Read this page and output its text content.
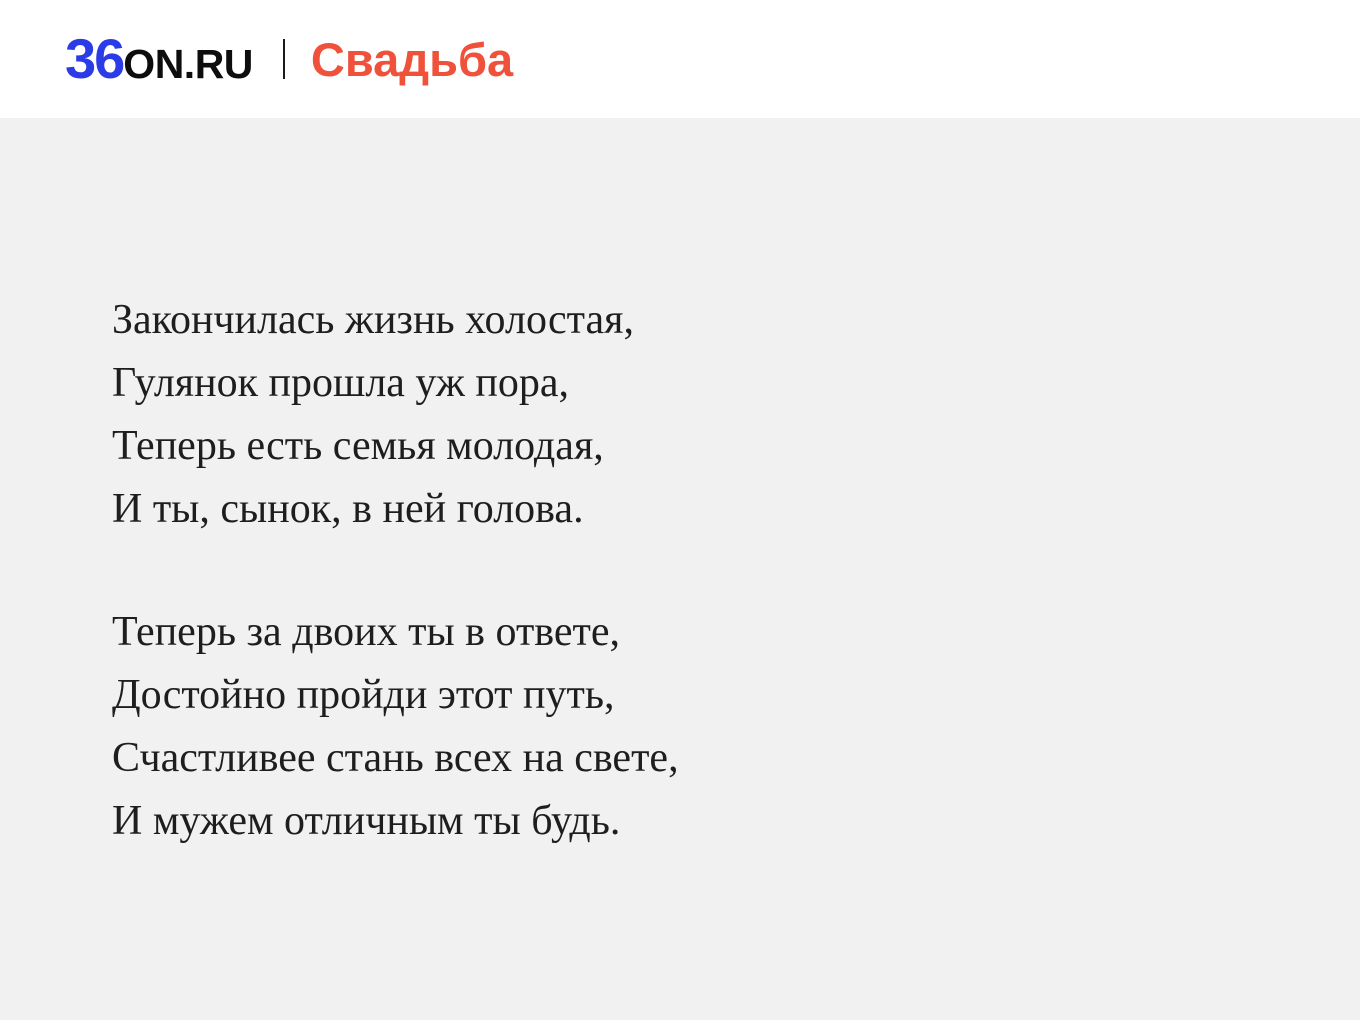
36 ON.RU Свадьба
Закончилась жизнь холостая,
Гулянок прошла уж пора,
Теперь есть семья молодая,
И ты, сынок, в ней голова.
Теперь за двоих ты в ответе,
Достойно пройди этот путь,
Счастливее стань всех на свете,
И мужем отличным ты будь.
